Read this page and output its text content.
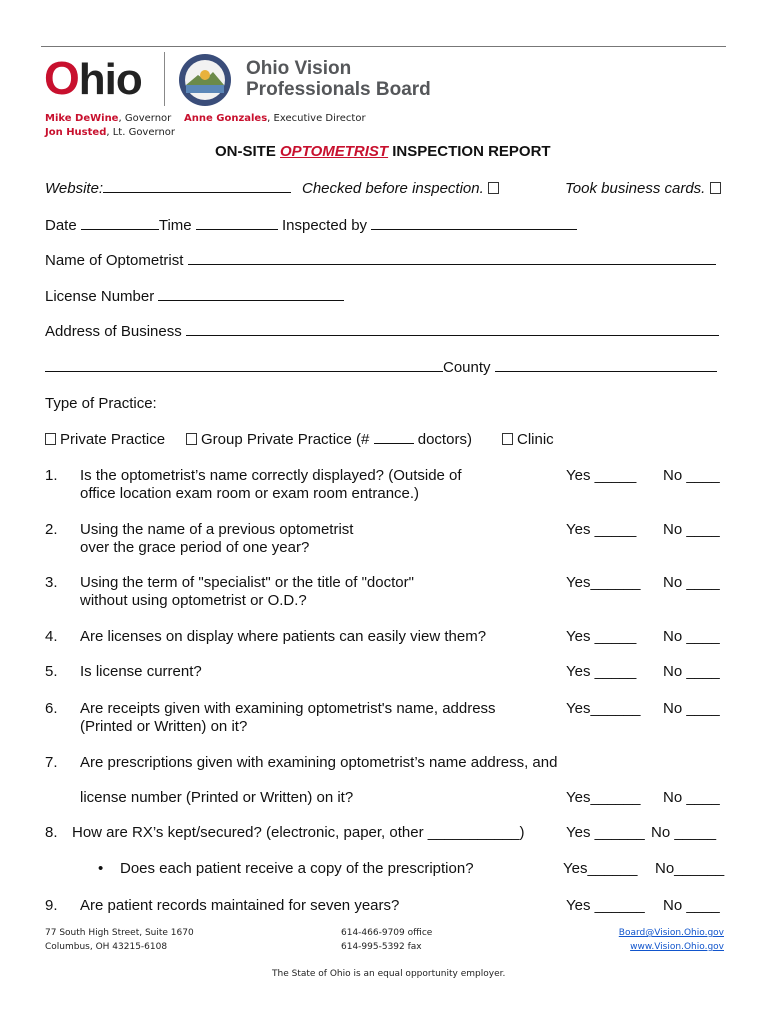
Ohio	Ohio Vision
Professionals Board
Mike DeWine, Governor
Jon Husted, Lt. Governor
Anne Gonzales, Executive Director
ON-SITE OPTOMETRIST INSPECTION REPORT
Website:	Checked before inspection.	Took business cards.
Date	Time	Inspected by
Name of Optometrist
License Number
Address of Business
County
Type of Practice:
Private Practice	Group Private Practice (#	doctors)	Clinic
1. Is the optometrist’s name correctly displayed? (Outside of
office location exam room or exam room entrance.)
Yes _____ No ____
2. Using the name of a previous optometrist
over the grace period of one year?
Yes _____ No ____
3. Using the term of "specialist" or the title of "doctor"
without using optometrist or O.D.?
Yes______ No ____
4. Are licenses on display where patients can easily view them?	Yes _____ No ____
5. Is license current?	Yes _____ No ____
6. Are receipts given with examining optometrist's name, address
(Printed or Written) on it?
Yes______ No ____
7. Are prescriptions given with examining optometrist’s name address, and
license number (Printed or Written) on it?	Yes______ No ____
8. How are RX’s kept/secured? (electronic, paper, other ___________)	Yes ______ No _____
• Does each patient receive a copy of the prescription?	Yes______ No______
9. Are patient records maintained for seven years?	Yes ______ No ____
77 South High Street, Suite 1670
Columbus, OH 43215-6108
614-466-9709 office
614-995-5392 fax
Board@Vision.Ohio.gov
www.Vision.Ohio.gov
The State of Ohio is an equal opportunity employer.
